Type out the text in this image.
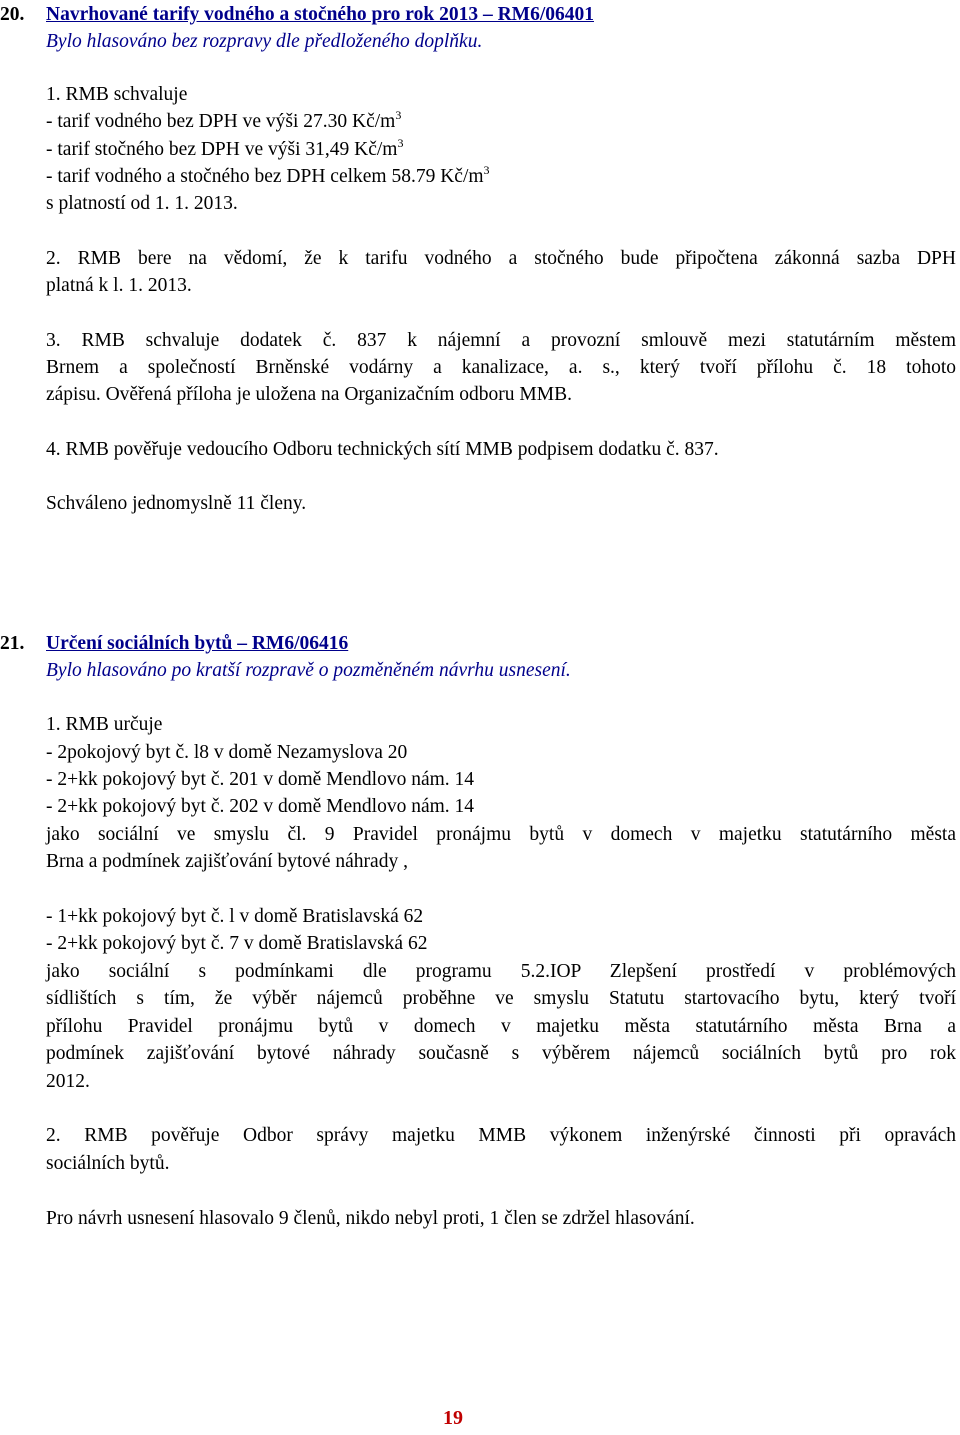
20. Navrhované tarify vodného a stočného pro rok 2013 – RM6/06401
Bylo hlasováno bez rozpravy dle předloženého doplňku.
1. RMB schvaluje
- tarif vodného bez DPH ve výši 27.30 $Kč/m^3$
- tarif stočného bez DPH ve výši 31,49 $Kč/m^3$
- tarif vodného a stočného bez DPH celkem 58.79 $Kč/m^3$
s platností od 1. 1. 2013.
2. RMB bere na vědomí, že k tarifu vodného a stočného bude připočtena zákonná sazba DPH
platná k l. 1. 2013.
3. RMB schvaluje dodatek č. 837 k nájemní a provozní smlouvě mezi statutárním městem
Brnem a společností Brněnské vodárny a kanalizace, a. s., který tvoří přílohu č. 18 tohoto
zápisu. Ověřená příloha je uložena na Organizačním odboru MMB.
4. RMB pověřuje vedoucího Odboru technických sítí MMB podpisem dodatku č. 837.
Schváleno jednomyslně 11 členy.
21. Určení sociálních bytů – RM6/06416
Bylo hlasováno po kratší rozpravě o pozměněném návrhu usnesení.
1. RMB určuje
- 2pokojový byt č. l8 v domě Nezamyslova 20
- 2+kk pokojový byt č. 201 v domě Mendlovo nám. 14
- 2+kk pokojový byt č. 202 v domě Mendlovo nám. 14
jako sociální ve smyslu čl. 9 Pravidel pronájmu bytů v domech v majetku statutárního města
Brna a podmínek zajišťování bytové náhrady ,
- 1+kk pokojový byt č. l v domě Bratislavská 62
- 2+kk pokojový byt č. 7 v domě Bratislavská 62
jako sociální s podmínkami dle programu 5.2.IOP Zlepšení prostředí v problémových
sídlištích s tím, že výběr nájemců proběhne ve smyslu Statutu startovacího bytu, který tvoří
přílohu Pravidel pronájmu bytů v domech v majetku města statutárního města Brna a
podmínek zajišťování bytové náhrady současně s výběrem nájemců sociálních bytů pro rok
2012.
2. RMB pověřuje Odbor správy majetku MMB výkonem inženýrské činnosti při opravách
sociálních bytů.
Pro návrh usnesení hlasovalo 9 členů, nikdo nebyl proti, 1 člen se zdržel hlasování.
19
